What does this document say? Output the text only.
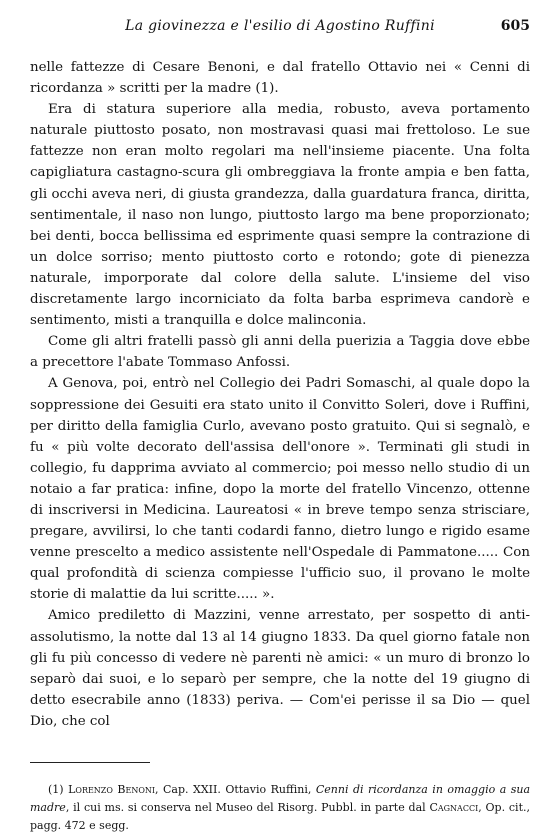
La giovinezza e l'esilio di Agostino Ruffini	605

nelle fattezze di Cesare Benoni, e dal fratello Ottavio nei « Cenni di ricordanza » scritti per la madre (1).

Era di statura superiore alla media, robusto, aveva portamento naturale piuttosto posato, non mostravasi quasi mai frettoloso. Le sue fattezze non eran molto regolari ma nell'insieme piacente. Una folta capigliatura castagno-scura gli ombreggiava la fronte ampia e ben fatta, gli occhi aveva neri, di giusta grandezza, dalla guardatura franca, diritta, sentimentale, il naso non lungo, piuttosto largo ma bene proporzionato; bei denti, bocca bellissima ed esprimente quasi sempre la contrazione di un dolce sorriso; mento piuttosto corto e rotondo; gote di pienezza naturale, imporporate dal colore della salute. L'insieme del viso discretamente largo incorniciato da folta barba esprimeva candorè e sentimento, misti a tranquilla e dolce malinconia.

Come gli altri fratelli passò gli anni della puerizia a Taggia dove ebbe a precettore l'abate Tommaso Anfossi.

A Genova, poi, entrò nel Collegio dei Padri Somaschi, al quale dopo la soppressione dei Gesuiti era stato unito il Convitto Soleri, dove i Ruffini, per diritto della famiglia Curlo, avevano posto gratuito. Qui si segnalò, e fu « più volte decorato dell'assisa dell'onore ». Terminati gli studi in collegio, fu dapprima avviato al commercio; poi messo nello studio di un notaio a far pratica: infine, dopo la morte del fratello Vincenzo, ottenne di inscriversi in Medicina. Laureatosi « in breve tempo senza strisciare, pregare, avvilirsi, lo che tanti codardi fanno, dietro lungo e rigido esame venne prescelto a medico assistente nell'Ospedale di Pammatone..... Con qual profondità di scienza compiesse l'ufficio suo, il provano le molte storie di malattie da lui scritte..... ».

Amico prediletto di Mazzini, venne arrestato, per sospetto di anti-assolutismo, la notte dal 13 al 14 giugno 1833. Da quel giorno fatale non gli fu più concesso di vedere nè parenti nè amici: « un muro di bronzo lo separò dai suoi, e lo separò per sempre, che la notte del 19 giugno di detto esecrabile anno (1833) periva. — Com'ei perisse il sa Dio — quel Dio, che col

(1) Lorenzo Benoni, Cap. XXII. Ottavio Ruffini, Cenni di ricordanza in omaggio a sua madre, il cui ms. si conserva nel Museo del Risorg. Pubbl. in parte dal Cagnacci, Op. cit., pagg. 472 e segg.
